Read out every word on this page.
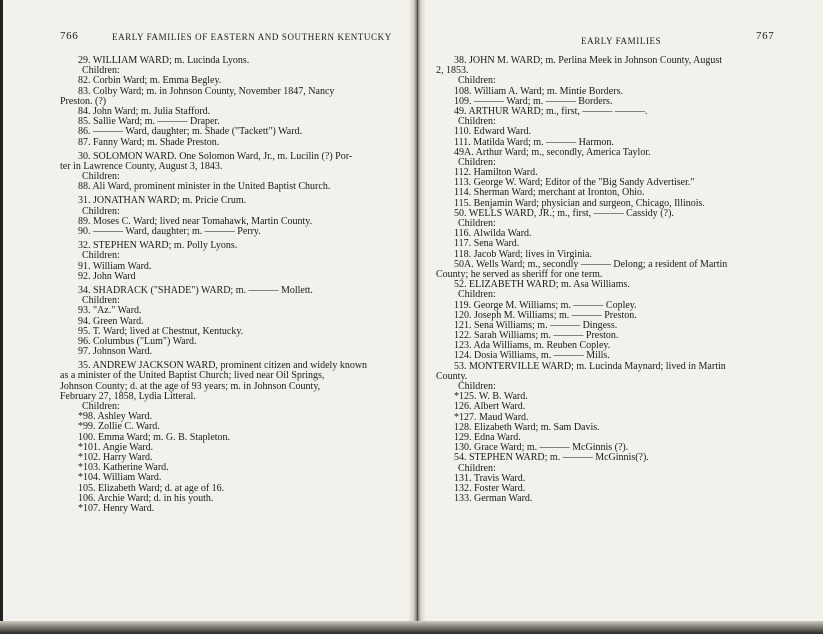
766	EARLY FAMILIES OF EASTERN AND SOUTHERN KENTUCKY
29. WILLIAM WARD; m. Lucinda Lyons.
Children:
82. Corbin Ward; m. Emma Begley.
83. Colby Ward; m. in Johnson County, November 1847, Nancy
Preston. (?)
84. John Ward; m. Julia Stafford.
85. Sallie Ward; m. ——— Draper.
86. ——— Ward, daughter; m. Shade ("Tackett") Ward.
87. Fanny Ward; m. Shade Preston.
30. SOLOMON WARD. One Solomon Ward, Jr., m. Lucilin (?) Por-
ter in Lawrence County, August 3, 1843.
Children:
88. Ali Ward, prominent minister in the United Baptist Church.
31. JONATHAN WARD; m. Pricie Crum.
Children:
89. Moses C. Ward; lived near Tomahawk, Martin County.
90. ——— Ward, daughter; m. ——— Perry.
32. STEPHEN WARD; m. Polly Lyons.
Children:
91. William Ward.
92. John Ward
34. SHADRACK ("SHADE") WARD; m. ——— Mollett.
Children:
93. "Az." Ward.
94. Green Ward.
95. T. Ward; lived at Chestnut, Kentucky.
96. Columbus ("Lum") Ward.
97. Johnson Ward.
35. ANDREW JACKSON WARD, prominent citizen and widely known
as a minister of the United Baptist Church; lived near Oil Springs,
Johnson County; d. at the age of 93 years; m. in Johnson County,
February 27, 1858, Lydia Litteral.
Children:
*98. Ashley Ward.
*99. Zollie C. Ward.
100. Emma Ward; m. G. B. Stapleton.
*101. Angie Ward.
*102. Harry Ward.
*103. Katherine Ward.
*104. William Ward.
105. Elizabeth Ward; d. at age of 16.
106. Archie Ward; d. in his youth.
*107. Henry Ward.
EARLY FAMILIES	767
38. JOHN M. WARD; m. Perlina Meek in Johnson County, August
2, 1853.
Children:
108. William A. Ward; m. Mintie Borders.
109. ——— Ward; m. ——— Borders.
49. ARTHUR WARD; m., first, ——— ———.
Children:
110. Edward Ward.
111. Matilda Ward; m. ——— Harmon.
49A. Arthur Ward; m., secondly, America Taylor.
Children:
112. Hamilton Ward.
113. George W. Ward; Editor of the "Big Sandy Advertiser."
114. Sherman Ward; merchant at Ironton, Ohio.
115. Benjamin Ward; physician and surgeon, Chicago, Illinois.
50. WELLS WARD, JR.; m., first, ——— Cassidy (?).
Children:
116. Alwilda Ward.
117. Sena Ward.
118. Jacob Ward; lives in Virginia.
50A. Wells Ward; m., secondly ——— Delong; a resident of Martin
County; he served as sheriff for one term.
52. ELIZABETH WARD; m. Asa Williams.
Children:
119. George M. Williams; m. ——— Copley.
120. Joseph M. Williams; m. ——— Preston.
121. Sena Williams; m. ——— Dingess.
122. Sarah Williams; m. ——— Preston.
123. Ada Williams, m. Reuben Copley.
124. Dosia Williams, m. ——— Mills.
53. MONTERVILLE WARD; m. Lucinda Maynard; lived in Martin
County.
Children:
*125. W. B. Ward.
126. Albert Ward.
*127. Maud Ward.
128. Elizabeth Ward; m. Sam Davis.
129. Edna Ward.
130. Grace Ward; m. ——— McGinnis (?).
54. STEPHEN WARD; m. ——— McGinnis(?).
Children:
131. Travis Ward.
132. Foster Ward.
133. German Ward.
